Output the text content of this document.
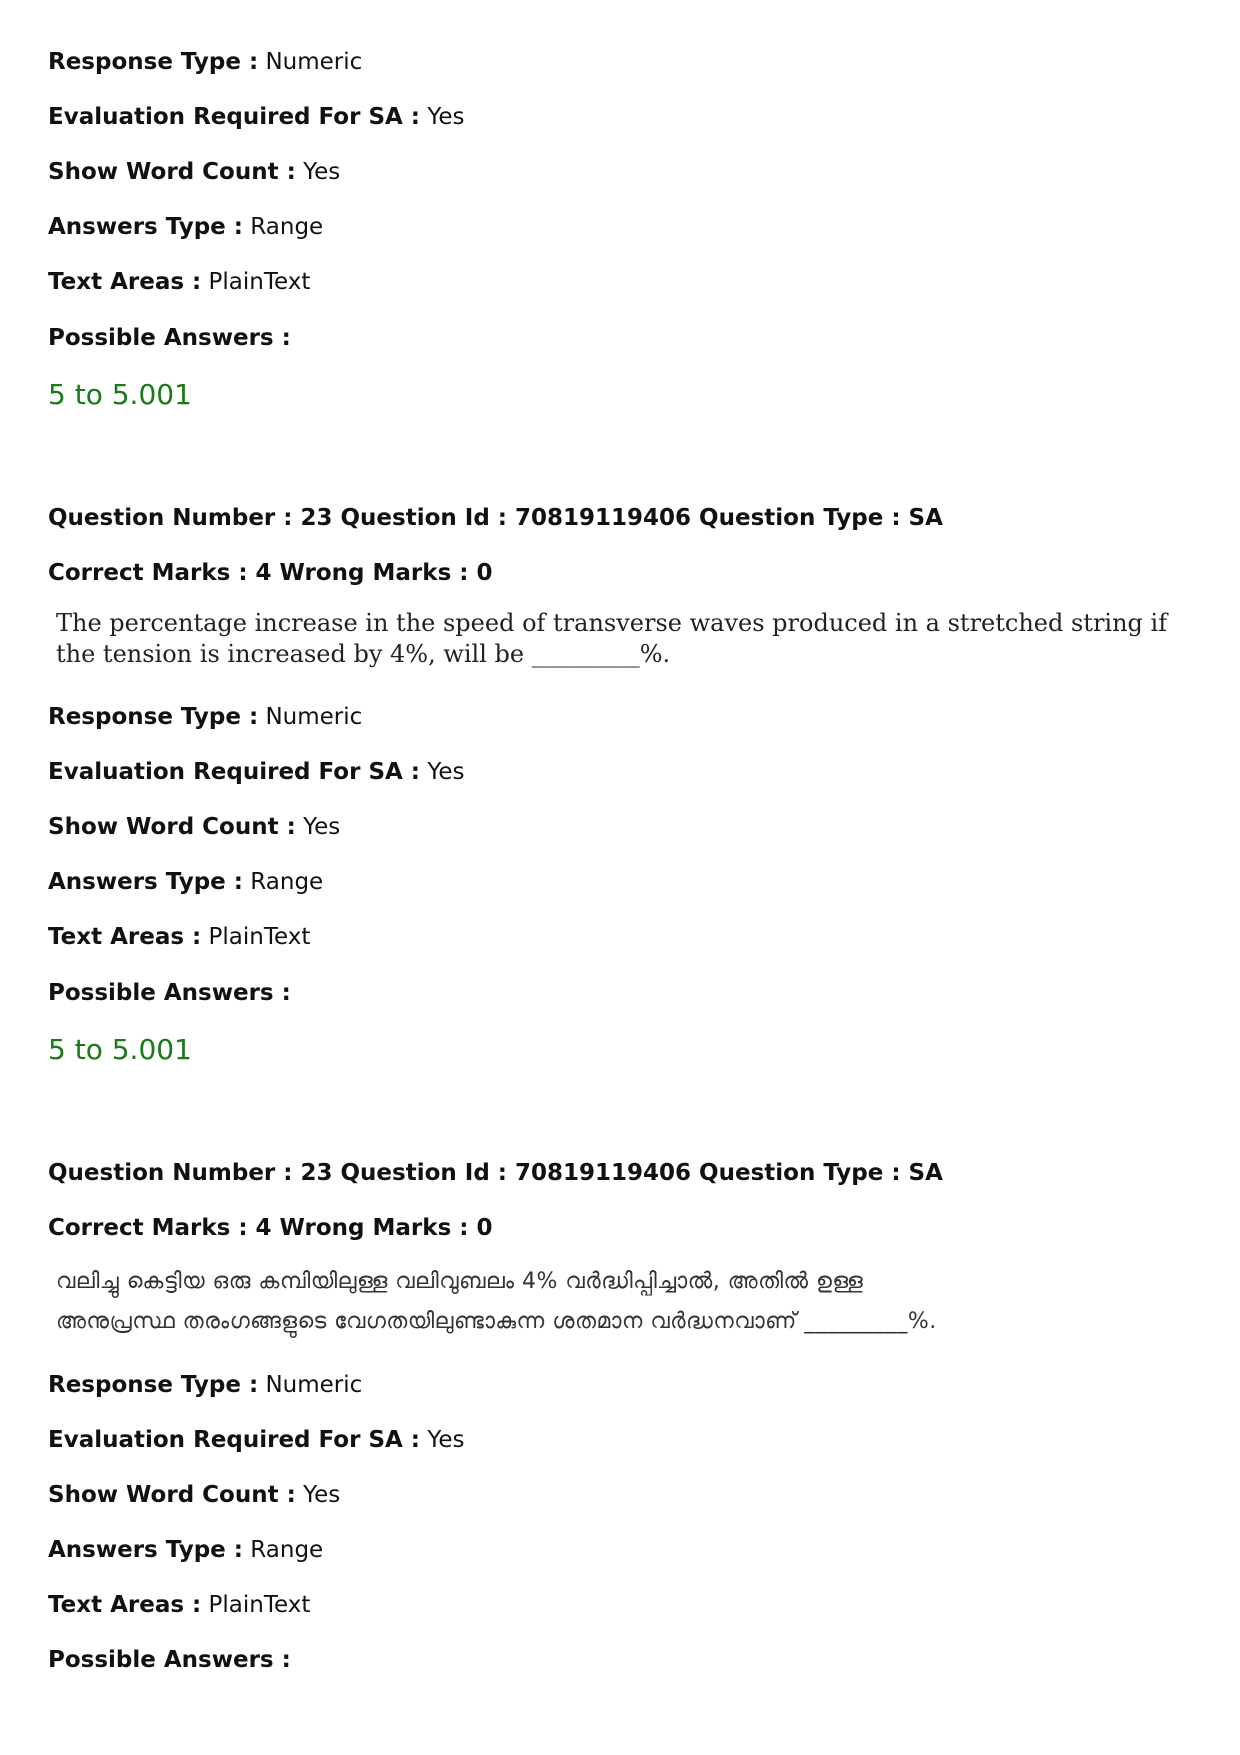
Response Type : Numeric
Evaluation Required For SA : Yes
Show Word Count : Yes
Answers Type : Range
Text Areas : PlainText
Possible Answers :
5 to 5.001
Question Number : 23 Question Id : 70819119406 Question Type : SA
Correct Marks : 4 Wrong Marks : 0
The percentage increase in the speed of transverse waves produced in a stretched string if
the tension is increased by 4%, will be _________%.
Response Type : Numeric
Evaluation Required For SA : Yes
Show Word Count : Yes
Answers Type : Range
Text Areas : PlainText
Possible Answers :
5 to 5.001
Question Number : 23 Question Id : 70819119406 Question Type : SA
Correct Marks : 4 Wrong Marks : 0
വലിച്ചു കെട്ടിയ ഒരു കമ്പിയിലുള്ള വലിവുബലം 4% വർദ്ധിപ്പിച്ചാൽ, അതിൽ ഉള്ള
അനുപ്രസ്ഥ തരംഗങ്ങളുടെ വേഗതയിലുണ്ടാകുന്ന ശതമാന വർദ്ധനവാണ് _________%.
Response Type : Numeric
Evaluation Required For SA : Yes
Show Word Count : Yes
Answers Type : Range
Text Areas : PlainText
Possible Answers :
